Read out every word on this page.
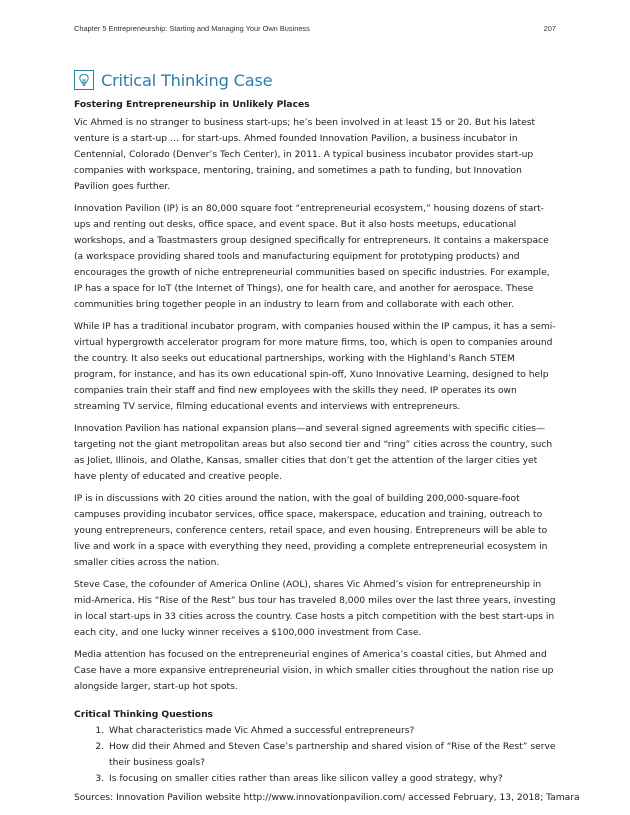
Chapter 5 Entrepreneurship: Starting and Managing Your Own Business	207
Critical Thinking Case
Fostering Entrepreneurship in Unlikely Places

Vic Ahmed is no stranger to business start-ups; he’s been involved in at least 15 or 20. But his latest venture is a start-up … for start-ups. Ahmed founded Innovation Pavilion, a business incubator in Centennial, Colorado (Denver’s Tech Center), in 2011. A typical business incubator provides start-up companies with workspace, mentoring, training, and sometimes a path to funding, but Innovation Pavilion goes further.

Innovation Pavilion (IP) is an 80,000 square foot “entrepreneurial ecosystem,” housing dozens of start-ups and renting out desks, office space, and event space. But it also hosts meetups, educational workshops, and a Toastmasters group designed specifically for entrepreneurs. It contains a makerspace (a workspace providing shared tools and manufacturing equipment for prototyping products) and encourages the growth of niche entrepreneurial communities based on specific industries. For example, IP has a space for IoT (the Internet of Things), one for health care, and another for aerospace. These communities bring together people in an industry to learn from and collaborate with each other.

While IP has a traditional incubator program, with companies housed within the IP campus, it has a semi-virtual hypergrowth accelerator program for more mature firms, too, which is open to companies around the country. It also seeks out educational partnerships, working with the Highland’s Ranch STEM program, for instance, and has its own educational spin-off, Xuno Innovative Learning, designed to help companies train their staff and find new employees with the skills they need. IP operates its own streaming TV service, filming educational events and interviews with entrepreneurs.

Innovation Pavilion has national expansion plans—and several signed agreements with specific cities—targeting not the giant metropolitan areas but also second tier and “ring” cities across the country, such as Joliet, Illinois, and Olathe, Kansas, smaller cities that don’t get the attention of the larger cities yet have plenty of educated and creative people.

IP is in discussions with 20 cities around the nation, with the goal of building 200,000-square-foot campuses providing incubator services, office space, makerspace, education and training, outreach to young entrepreneurs, conference centers, retail space, and even housing. Entrepreneurs will be able to live and work in a space with everything they need, providing a complete entrepreneurial ecosystem in smaller cities across the nation.

Steve Case, the cofounder of America Online (AOL), shares Vic Ahmed’s vision for entrepreneurship in mid-America. His “Rise of the Rest” bus tour has traveled 8,000 miles over the last three years, investing in local start-ups in 33 cities across the country. Case hosts a pitch competition with the best start-ups in each city, and one lucky winner receives a $100,000 investment from Case.

Media attention has focused on the entrepreneurial engines of America’s coastal cities, but Ahmed and Case have a more expansive entrepreneurial vision, in which smaller cities throughout the nation rise up alongside larger, start-up hot spots.

Critical Thinking Questions
1. What characteristics made Vic Ahmed a successful entrepreneurs?
2. How did their Ahmed and Steven Case’s partnership and shared vision of “Rise of the Rest” serve their business goals?
3. Is focusing on smaller cities rather than areas like silicon valley a good strategy, why?
Sources: Innovation Pavilion website http://www.innovationpavilion.com/ accessed February, 13, 2018; Tamara
